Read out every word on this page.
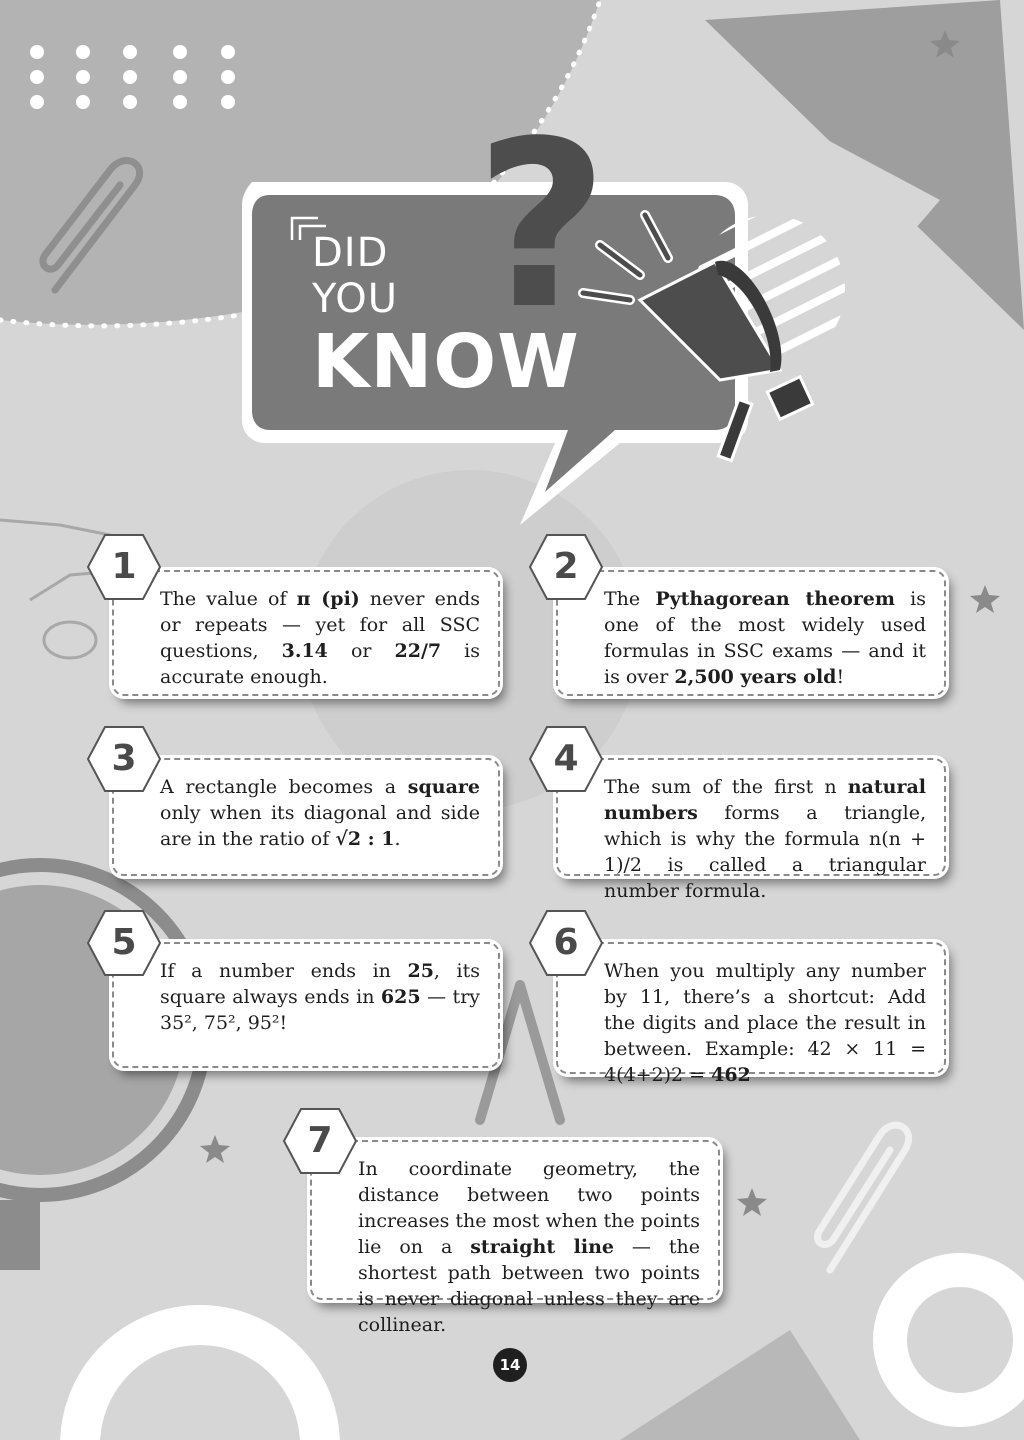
?
DID
YOU
KNOW
The value of π (pi) never ends or repeats — yet for all SSC questions, 3.14 or 22/7 is accurate enough.
The Pythagorean theorem is one of the most widely used formulas in SSC exams — and it is over 2,500 years old!
A rectangle becomes a square only when its diagonal and side are in the ratio of √2 : 1.
The sum of the first n natural numbers forms a triangle, which is why the formula n(n + 1)/2 is called a triangular number formula.
If a number ends in 25, its square always ends in 625 — try 35², 75², 95²!
When you multiply any number by 11, there’s a shortcut: Add the digits and place the result in between. Example: 42 × 11 = 4(4+2)2 = 462
In coordinate geometry, the distance between two points increases the most when the points lie on a straight line — the shortest path between two points is never diagonal unless they are collinear.
1	2
3	4
5	6
7
14
